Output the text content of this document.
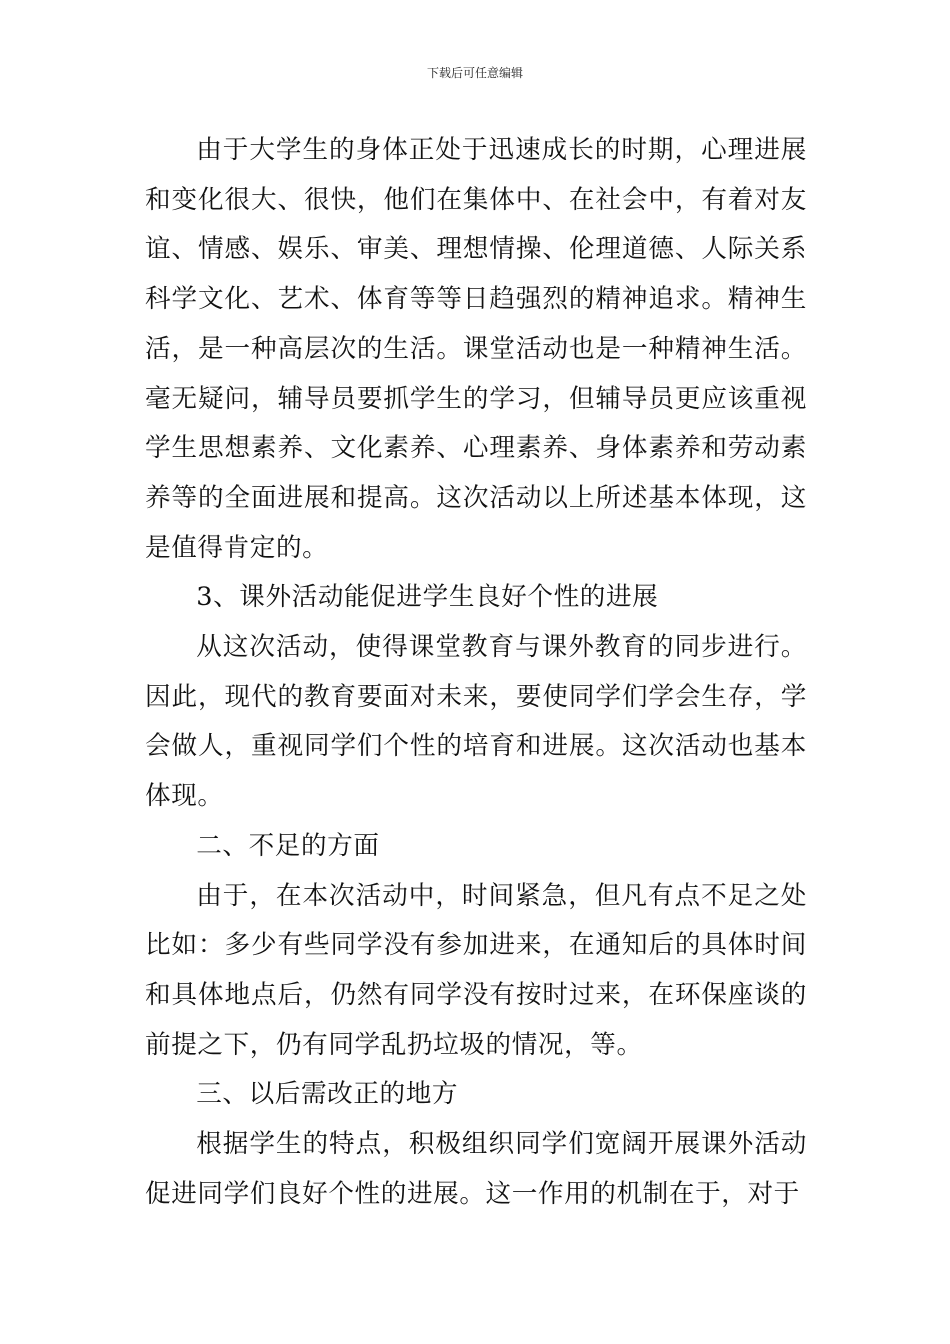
下载后可任意编辑

由于大学生的身体正处于迅速成长的时期，心理进展和变化很大、很快，他们在集体中、在社会中，有着对友谊、情感、娱乐、审美、理想情操、伦理道德、人际关系科学文化、艺术、体育等等日趋强烈的精神追求。精神生活，是一种高层次的生活。课堂活动也是一种精神生活。毫无疑问，辅导员要抓学生的学习，但辅导员更应该重视学生思想素养、文化素养、心理素养、身体素养和劳动素养等的全面进展和提高。这次活动以上所述基本体现，这是值得肯定的。

3、课外活动能促进学生良好个性的进展

从这次活动，使得课堂教育与课外教育的同步进行。因此，现代的教育要面对未来，要使同学们学会生存，学会做人，重视同学们个性的培育和进展。这次活动也基本体现。

二、不足的方面

由于，在本次活动中，时间紧急，但凡有点不足之处比如：多少有些同学没有参加进来，在通知后的具体时间和具体地点后，仍然有同学没有按时过来，在环保座谈的前提之下，仍有同学乱扔垃圾的情况，等。

三、以后需改正的地方

根据学生的特点，积极组织同学们宽阔开展课外活动促进同学们良好个性的进展。这一作用的机制在于，对于
